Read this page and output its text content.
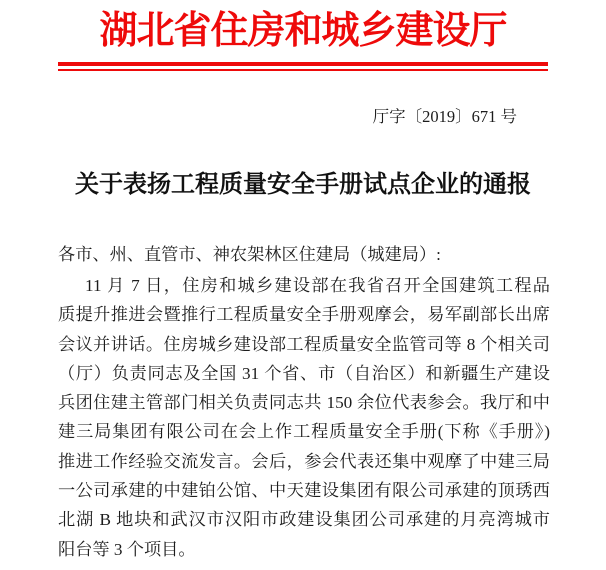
湖北省住房和城乡建设厅
厅字〔2019〕671 号
关于表扬工程质量安全手册试点企业的通报
各市、州、直管市、神农架林区住建局（城建局）:
11 月 7 日，住房和城乡建设部在我省召开全国建筑工程品
质提升推进会暨推行工程质量安全手册观摩会，易军副部长出席
会议并讲话。住房城乡建设部工程质量安全监管司等 8 个相关司
（厅）负责同志及全国 31 个省、市（自治区）和新疆生产建设
兵团住建主管部门相关负责同志共 150 余位代表参会。我厅和中
建三局集团有限公司在会上作工程质量安全手册(下称《手册》)
推进工作经验交流发言。会后，参会代表还集中观摩了中建三局
一公司承建的中建铂公馆、中天建设集团有限公司承建的顶琇西
北湖 B 地块和武汉市汉阳市政建设集团公司承建的月亮湾城市
阳台等 3 个项目。
